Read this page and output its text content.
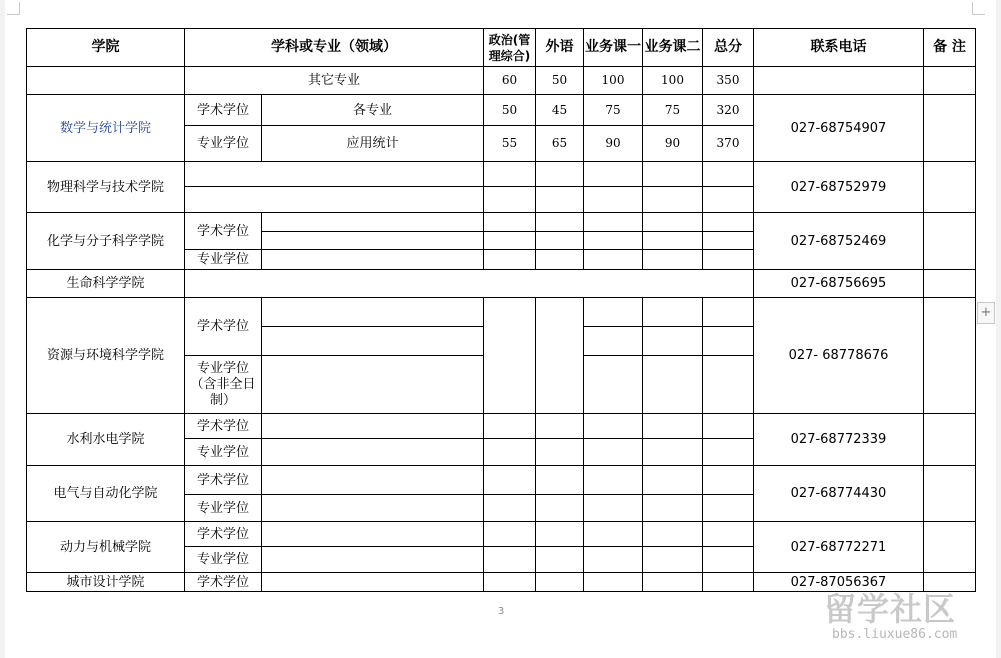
学院	学科或专业（领域）		政治(管理综合)	外语	业务课一	业务课二	总分	联系电话	备 注
	其它专业		60	50	100	100	350		
数学与统计学院	学术学位	各专业	50	45	75	75	320	027-68754907	
	专业学位	应用统计	55	65	90	90	370		
物理科学与技术学院								027-68752979	

化学与分子科学学院	学术学位							027-68752469	

	专业学位								
生命科学学院								027-68756695	
资源与环境科学学院	学术学位							027- 68778676	

	专业学位（含非全日制）								

水利水电学院	学术学位							027-68772339	
	专业学位								
电气与自动化学院	学术学位							027-68774430	
	专业学位								
动力与机械学院	学术学位							027-68772271	
	专业学位								
城市设计学院	学术学位							027-87056367	
3
+
留学社区
bbs.liuxue86.com
